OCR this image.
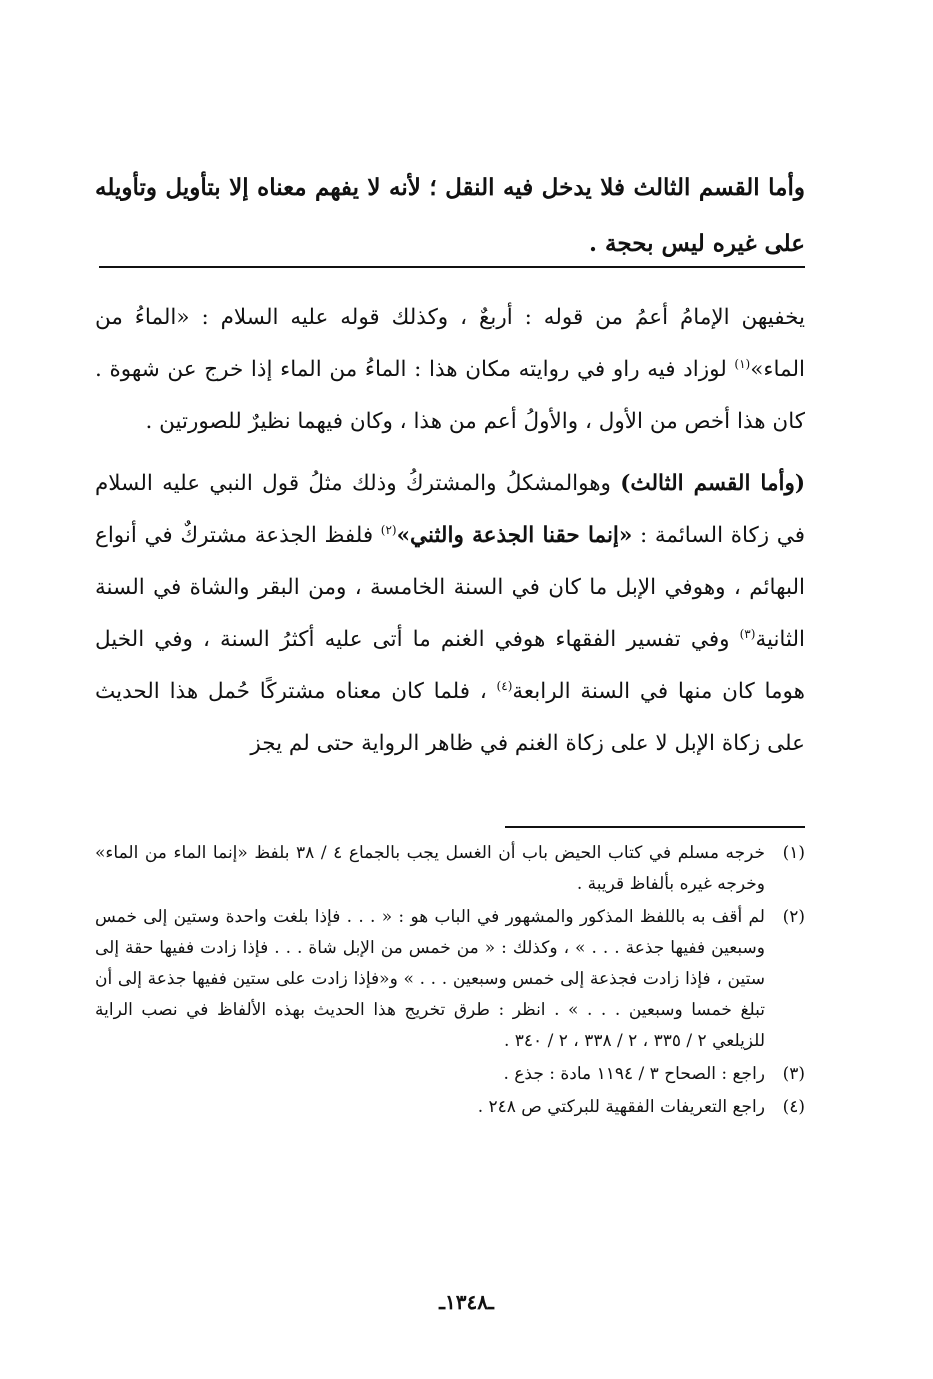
وأما القسم الثالث فلا يدخل فيه النقل ؛ لأنه لا يفهم معناه إلا بتأويل وتأويله على غيره ليس بحجة .

يخفيهن الإمامُ أعمُ من قوله : أربعٌ ، وكذلك قوله عليه السلام : «الماءُ من الماء»$^{(١)}$ لوزاد فيه راو في روايته مكان هذا : الماءُ من الماء إذا خرج عن شهوة . كان هذا أخص من الأول ، والأولُ أعم من هذا ، وكان فيهما نظيرٌ للصورتين .

(وأما القسم الثالث) وهوالمشكلُ والمشتركُ وذلك مثلُ قول النبي عليه السلام في زكاة السائمة : «إنما حقنا الجذعة والثني»$^{(٢)}$ فلفظ الجذعة مشتركٌ في أنواع البهائم ، وهوفي الإبل ما كان في السنة الخامسة ، ومن البقر والشاة في السنة الثانية$^{(٣)}$ وفي تفسير الفقهاء هوفي الغنم ما أتى عليه أكثرُ السنة ، وفي الخيل هوما كان منها في السنة الرابعة$^{(٤)}$ ، فلما كان معناه مشتركًا حُمل هذا الحديث على زكاة الإبل لا على زكاة الغنم في ظاهر الرواية حتى لم يجز

(١)
خرجه مسلم في كتاب الحيض باب أن الغسل يجب بالجماع ٤ / ٣٨ بلفظ «إنما الماء من الماء» وخرجه غيره بألفاظ قريبة .
(٢)
لم أقف به باللفظ المذكور والمشهور في الباب هو : « . . . فإذا بلغت واحدة وستين إلى خمس وسبعين ففيها جذعة . . . » ، وكذلك : « من خمس من الإبل شاة . . . فإذا زادت ففيها حقة إلى ستين ، فإذا زادت فجذعة إلى خمس وسبعين . . . » و«فإذا زادت على ستين ففيها جذعة إلى أن تبلغ خمسا وسبعين . . . » . انظر : طرق تخريج هذا الحديث بهذه الألفاظ في نصب الراية للزيلعي ٢ / ٣٣٥ ، ٢ / ٣٣٨ ، ٢ / ٣٤٠ .
(٣)
راجع : الصحاح ٣ / ١١٩٤ مادة : جذع .
(٤)
راجع التعريفات الفقهية للبركتي ص ٢٤٨ .
ـ١٣٤٨ـ
